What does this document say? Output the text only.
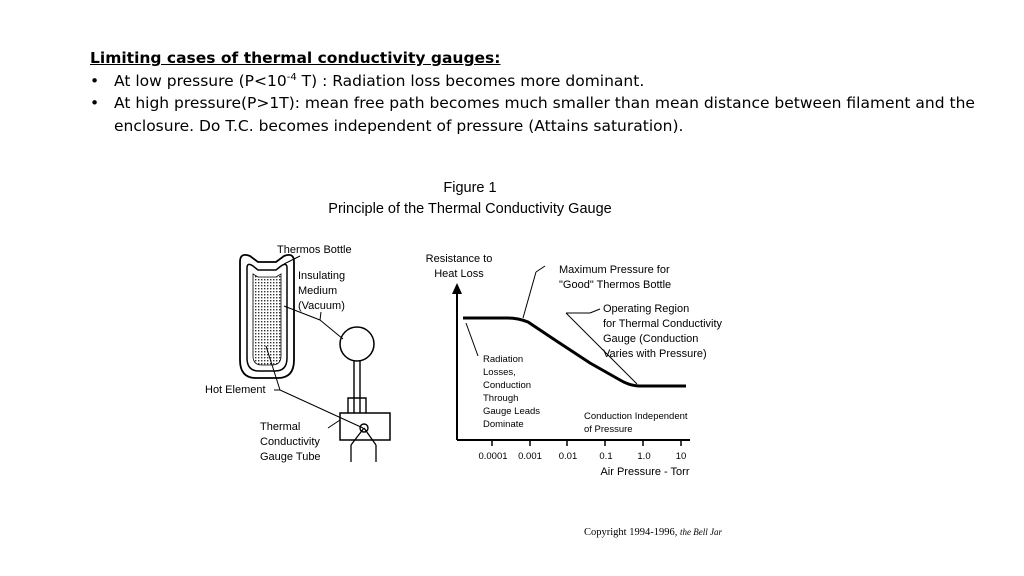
Limiting cases of thermal conductivity gauges:
• At low pressure ($P<10^{-4}$ T) : Radiation loss becomes more dominant.
• At high pressure(P>1T): mean free path becomes much smaller than mean distance between filament and the enclosure. Do T.C. becomes independent of pressure (Attains saturation).
Figure 1
Principle of the Thermal Conductivity Gauge
Thermos Bottle
Insulating
Medium
(Vacuum)
Hot Element
Thermal
Conductivity
Gauge Tube	0.0001 0.001 0.01 0.1	1.0	10
Resistance to
Heat Loss	Maximum Pressure for
"Good" Thermos Bottle
Operating Region
for Thermal Conductivity
Gauge (Conduction
Varies with Pressure)
Radiation
Losses,
Conduction
Through
Gauge Leads
Dominate
Conduction Independent
of Pressure
Air Pressure - Torr
Copyright 1994-1996, the Bell Jar
